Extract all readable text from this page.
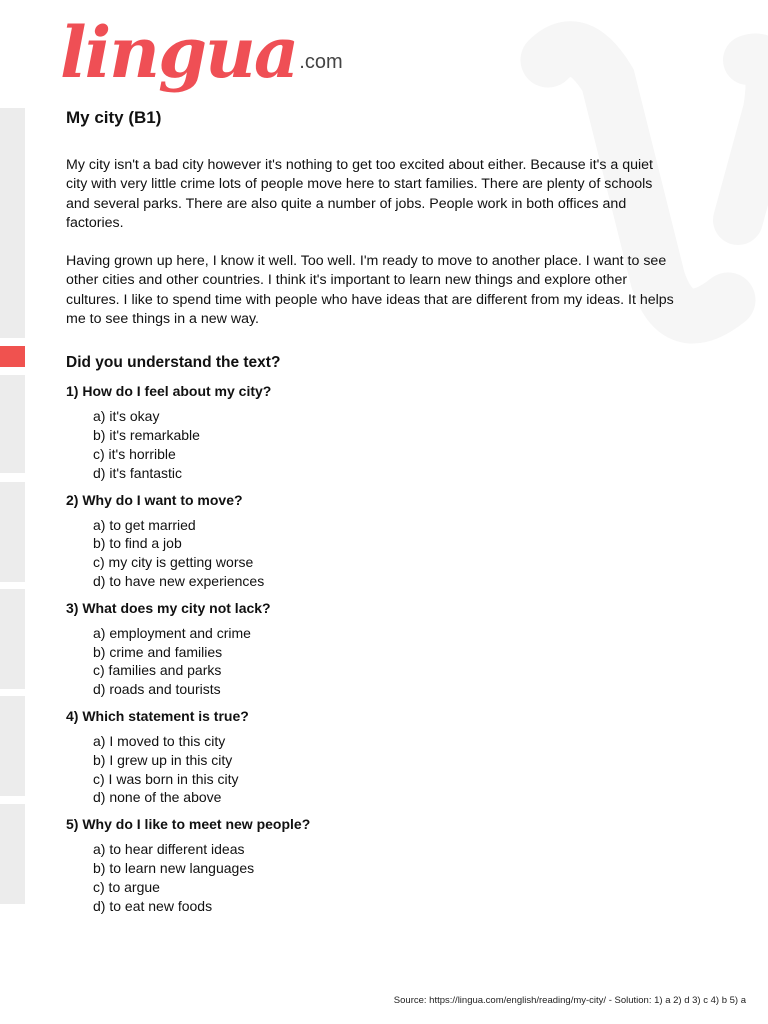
lingua .com
My city (B1)

My city isn't a bad city however it's nothing to get too excited about either. Because it's a quiet city with very little crime lots of people move here to start families. There are plenty of schools and several parks. There are also quite a number of jobs. People work in both offices and factories.

Having grown up here, I know it well. Too well. I'm ready to move to another place. I want to see other cities and other countries. I think it's important to learn new things and explore other cultures. I like to spend time with people who have ideas that are different from my ideas. It helps me to see things in a new way.

Did you understand the text?
1) How do I feel about my city?
a) it's okay
b) it's remarkable
c) it's horrible
d) it's fantastic
2) Why do I want to move?
a) to get married
b) to find a job
c) my city is getting worse
d) to have new experiences
3) What does my city not lack?
a) employment and crime
b) crime and families
c) families and parks
d) roads and tourists
4) Which statement is true?
a) I moved to this city
b) I grew up in this city
c) I was born in this city
d) none of the above
5) Why do I like to meet new people?
a) to hear different ideas
b) to learn new languages
c) to argue
d) to eat new foods
Source: https://lingua.com/english/reading/my-city/ - Solution: 1) a 2) d 3) c 4) b 5) a
